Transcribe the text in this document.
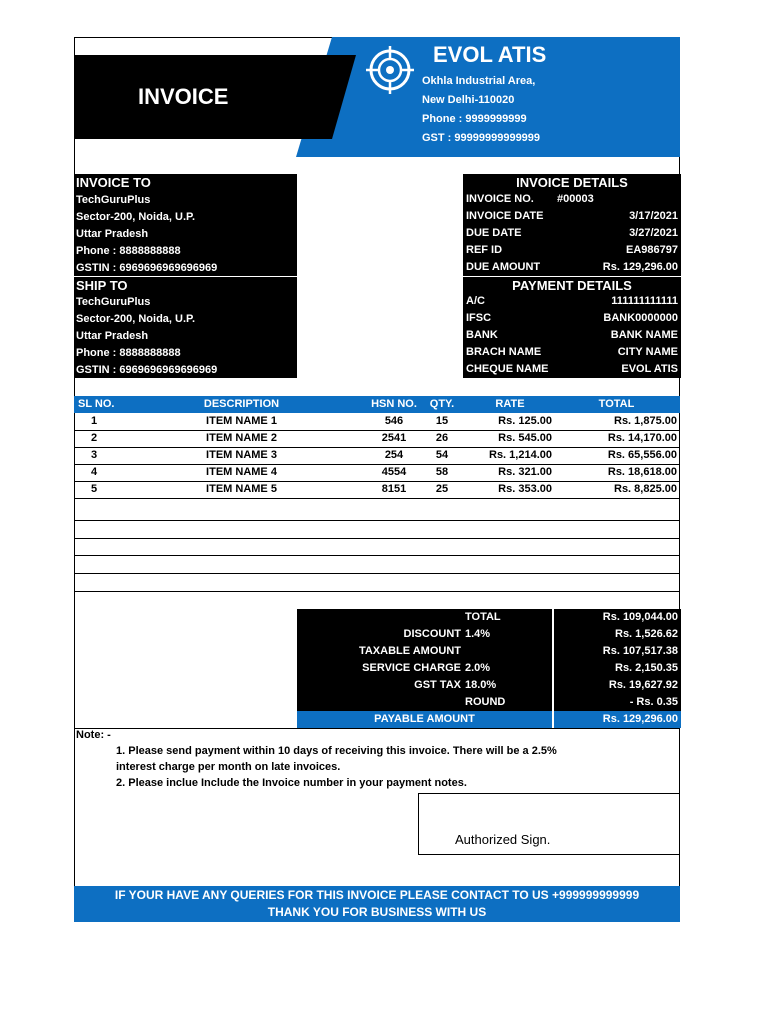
INVOICE
EVOL ATIS
Okhla Industrial Area,
New Delhi-110020
Phone : 9999999999
GST : 99999999999999
INVOICE TO
TechGuruPlus
Sector-200, Noida, U.P.
Uttar Pradesh
Phone : 8888888888
GSTIN : 6969696969696969
SHIP TO
TechGuruPlus
Sector-200, Noida, U.P.
Uttar Pradesh
Phone : 8888888888
GSTIN : 6969696969696969
INVOICE DETAILS
INVOICE NO. #00003
INVOICE DATE	3/17/2021
DUE DATE	3/27/2021
REF ID	EA986797
DUE AMOUNT	Rs. 129,296.00
PAYMENT DETAILS
A/C	111111111111
IFSC	BANK0000000
BANK	BANK NAME
BRACH NAME	CITY NAME
CHEQUE NAME	EVOL ATIS
SL NO.	DESCRIPTION	HSN NO.	QTY.	RATE	TOTAL
1	ITEM NAME 1	546	15	Rs. 125.00	Rs. 1,875.00
2	ITEM NAME 2	2541	26	Rs. 545.00	Rs. 14,170.00
3	ITEM NAME 3	254	54	Rs. 1,214.00	Rs. 65,556.00
4	ITEM NAME 4	4554	58	Rs. 321.00	Rs. 18,618.00
5	ITEM NAME 5	8151	25	Rs. 353.00	Rs. 8,825.00
TOTAL	Rs. 109,044.00
DISCOUNT 1.4%	Rs. 1,526.62
TAXABLE AMOUNT	Rs. 107,517.38
SERVICE CHARGE 2.0%	Rs. 2,150.35
GST TAX 18.0%	Rs. 19,627.92
ROUND	- Rs. 0.35
PAYABLE AMOUNT	Rs. 129,296.00
Note: -
1. Please send payment within 10 days of receiving this invoice. There will be a 2.5%
interest charge per month on late invoices.
2. Please inclue Include the Invoice number in your payment notes.
Authorized Sign.
IF YOUR HAVE ANY QUERIES FOR THIS INVOICE PLEASE CONTACT TO US +999999999999
THANK YOU FOR BUSINESS WITH US
